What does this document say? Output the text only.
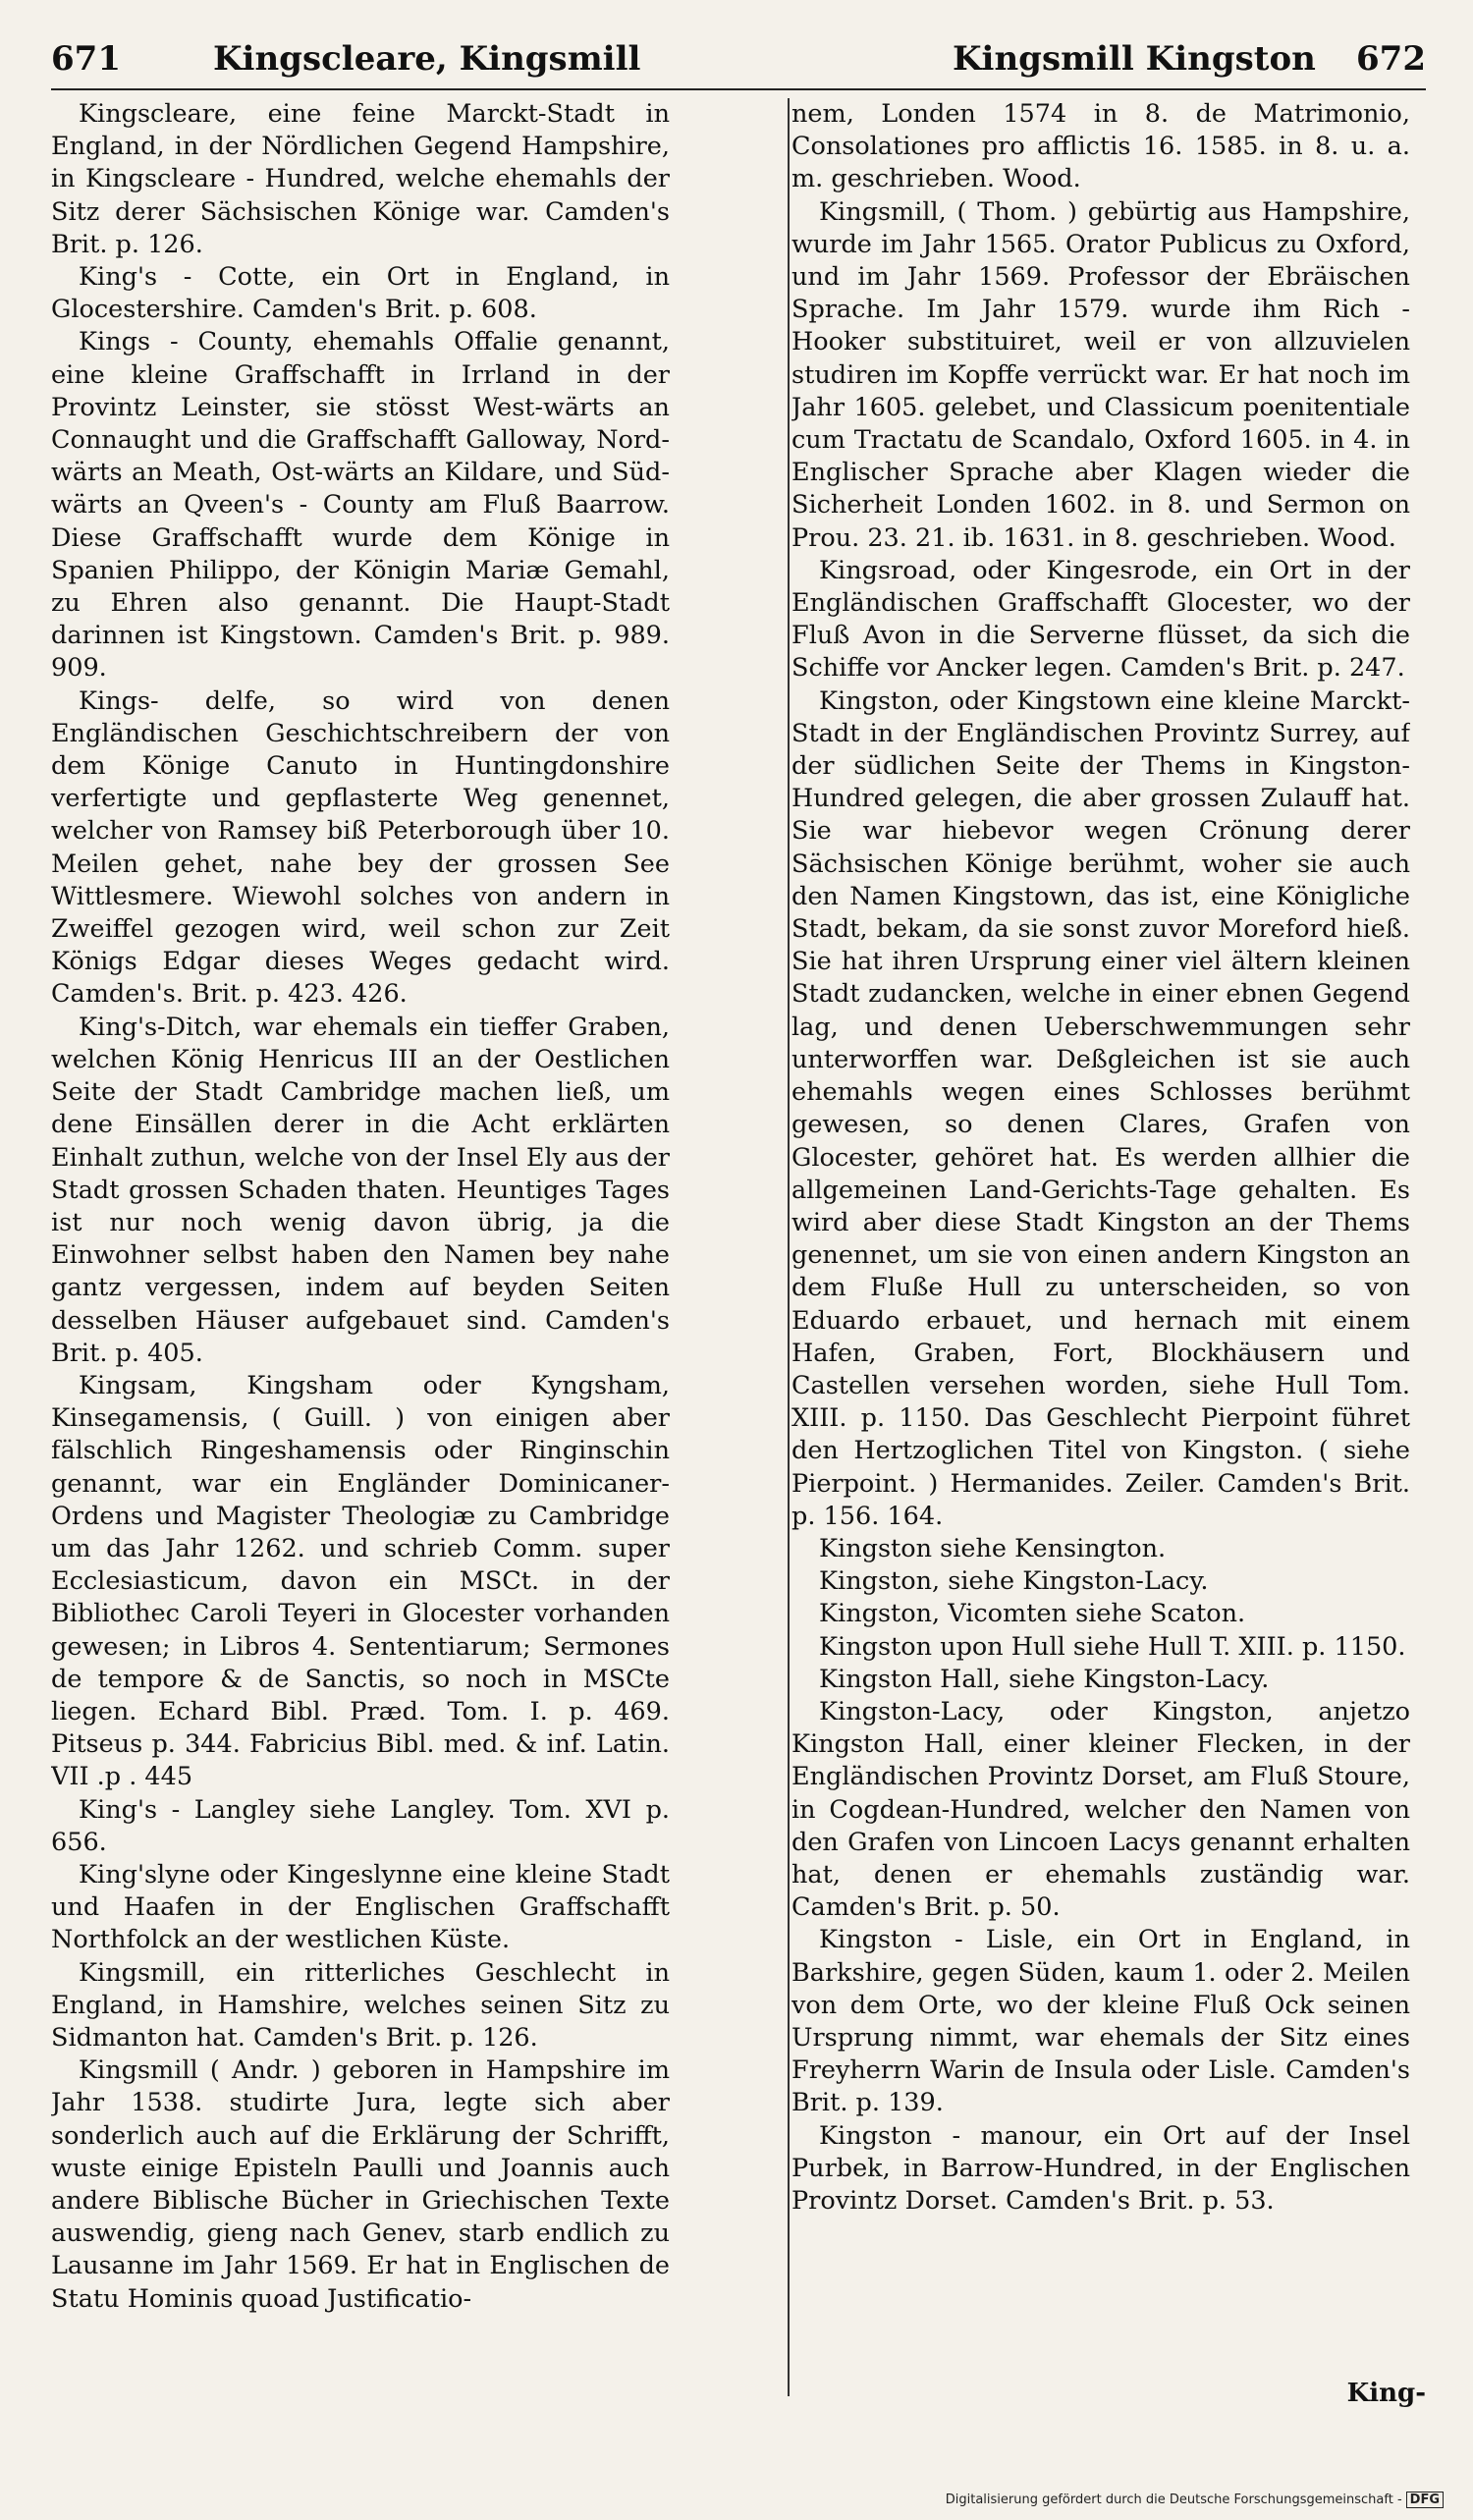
671	Kingscleare, Kingsmill	Kingsmill Kingston 672

Kingscleare, eine feine Marckt-Stadt in England, in der Nördlichen Gegend Hampshire, in Kingscleare - Hundred, welche ehemahls der Sitz derer Sächsischen Könige war. Camden's Brit. p. 126.

King's - Cotte, ein Ort in England, in Glocestershire. Camden's Brit. p. 608.

Kings - County, ehemahls Offalie genannt, eine kleine Graffschafft in Irrland in der Provintz Leinster, sie stösst West-wärts an Connaught und die Graffschafft Galloway, Nord-wärts an Meath, Ost-wärts an Kildare, und Süd-wärts an Qveen's - County am Fluß Baarrow. Diese Graffschafft wurde dem Könige in Spanien Philippo, der Königin Mariæ Gemahl, zu Ehren also genannt. Die Haupt-Stadt darinnen ist Kingstown. Camden's Brit. p. 989. 909.

Kings- delfe, so wird von denen Engländischen Geschichtschreibern der von dem Könige Canuto in Huntingdonshire verfertigte und gepflasterte Weg genennet, welcher von Ramsey biß Peterborough über 10. Meilen gehet, nahe bey der grossen See Wittlesmere. Wiewohl solches von andern in Zweiffel gezogen wird, weil schon zur Zeit Königs Edgar dieses Weges gedacht wird. Camden's. Brit. p. 423. 426.

King's-Ditch, war ehemals ein tieffer Graben, welchen König Henricus III an der Oestlichen Seite der Stadt Cambridge machen ließ, um dene Einsällen derer in die Acht erklärten Einhalt zuthun, welche von der Insel Ely aus der Stadt grossen Schaden thaten. Heuntiges Tages ist nur noch wenig davon übrig, ja die Einwohner selbst haben den Namen bey nahe gantz vergessen, indem auf beyden Seiten desselben Häuser aufgebauet sind. Camden's Brit. p. 405.

Kingsam, Kingsham oder Kyngsham, Kinsegamensis, ( Guill. ) von einigen aber fälschlich Ringeshamensis oder Ringinschin genannt, war ein Engländer Dominicaner-Ordens und Magister Theologiæ zu Cambridge um das Jahr 1262. und schrieb Comm. super Ecclesiasticum, davon ein MSCt. in der Bibliothec Caroli Teyeri in Glocester vorhanden gewesen; in Libros 4. Sententiarum; Sermones de tempore & de Sanctis, so noch in MSCte liegen. Echard Bibl. Præd. Tom. I. p. 469. Pitseus p. 344. Fabricius Bibl. med. & inf. Latin. VII .p . 445

King's - Langley siehe Langley. Tom. XVI p. 656.

King'slyne oder Kingeslynne eine kleine Stadt und Haafen in der Englischen Graffschafft Northfolck an der westlichen Küste.

Kingsmill, ein ritterliches Geschlecht in England, in Hamshire, welches seinen Sitz zu Sidmanton hat. Camden's Brit. p. 126.

Kingsmill ( Andr. ) geboren in Hampshire im Jahr 1538. studirte Jura, legte sich aber sonderlich auch auf die Erklärung der Schrifft, wuste einige Episteln Paulli und Joannis auch andere Biblische Bücher in Griechischen Texte auswendig, gieng nach Genev, starb endlich zu Lausanne im Jahr 1569. Er hat in Englischen de Statu Hominis quoad Justificatio-

nem, Londen 1574 in 8. de Matrimonio, Consolationes pro afflictis 16. 1585. in 8. u. a. m. geschrieben. Wood.

Kingsmill, ( Thom. ) gebürtig aus Hampshire, wurde im Jahr 1565. Orator Publicus zu Oxford, und im Jahr 1569. Professor der Ebräischen Sprache. Im Jahr 1579. wurde ihm Rich - Hooker substituiret, weil er von allzuvielen studiren im Kopffe verrückt war. Er hat noch im Jahr 1605. gelebet, und Classicum poenitentiale cum Tractatu de Scandalo, Oxford 1605. in 4. in Englischer Sprache aber Klagen wieder die Sicherheit Londen 1602. in 8. und Sermon on Prou. 23. 21. ib. 1631. in 8. geschrieben. Wood.

Kingsroad, oder Kingesrode, ein Ort in der Engländischen Graffschafft Glocester, wo der Fluß Avon in die Serverne flüsset, da sich die Schiffe vor Ancker legen. Camden's Brit. p. 247.

Kingston, oder Kingstown eine kleine Marckt-Stadt in der Engländischen Provintz Surrey, auf der südlichen Seite der Thems in Kingston-Hundred gelegen, die aber grossen Zulauff hat. Sie war hiebevor wegen Crönung derer Sächsischen Könige berühmt, woher sie auch den Namen Kingstown, das ist, eine Königliche Stadt, bekam, da sie sonst zuvor Moreford hieß. Sie hat ihren Ursprung einer viel ältern kleinen Stadt zudancken, welche in einer ebnen Gegend lag, und denen Ueberschwemmungen sehr unterworffen war. Deßgleichen ist sie auch ehemahls wegen eines Schlosses berühmt gewesen, so denen Clares, Grafen von Glocester, gehöret hat. Es werden allhier die allgemeinen Land-Gerichts-Tage gehalten. Es wird aber diese Stadt Kingston an der Thems genennet, um sie von einen andern Kingston an dem Fluße Hull zu unterscheiden, so von Eduardo erbauet, und hernach mit einem Hafen, Graben, Fort, Blockhäusern und Castellen versehen worden, siehe Hull Tom. XIII. p. 1150. Das Geschlecht Pierpoint führet den Hertzoglichen Titel von Kingston. ( siehe Pierpoint. ) Hermanides. Zeiler. Camden's Brit. p. 156. 164.

Kingston siehe Kensington.

Kingston, siehe Kingston-Lacy.

Kingston, Vicomten siehe Scaton.

Kingston upon Hull siehe Hull T. XIII. p. 1150.

Kingston Hall, siehe Kingston-Lacy.

Kingston-Lacy, oder Kingston, anjetzo Kingston Hall, einer kleiner Flecken, in der Engländischen Provintz Dorset, am Fluß Stoure, in Cogdean-Hundred, welcher den Namen von den Grafen von Lincoen Lacys genannt erhalten hat, denen er ehemahls zuständig war. Camden's Brit. p. 50.

Kingston - Lisle, ein Ort in England, in Barkshire, gegen Süden, kaum 1. oder 2. Meilen von dem Orte, wo der kleine Fluß Ock seinen Ursprung nimmt, war ehemals der Sitz eines Freyherrn Warin de Insula oder Lisle. Camden's Brit. p. 139.

Kingston - manour, ein Ort auf der Insel Purbek, in Barrow-Hundred, in der Englischen Provintz Dorset. Camden's Brit. p. 53.

King-
Digitalisierung gefördert durch die Deutsche Forschungsgemeinschaft - DFG
